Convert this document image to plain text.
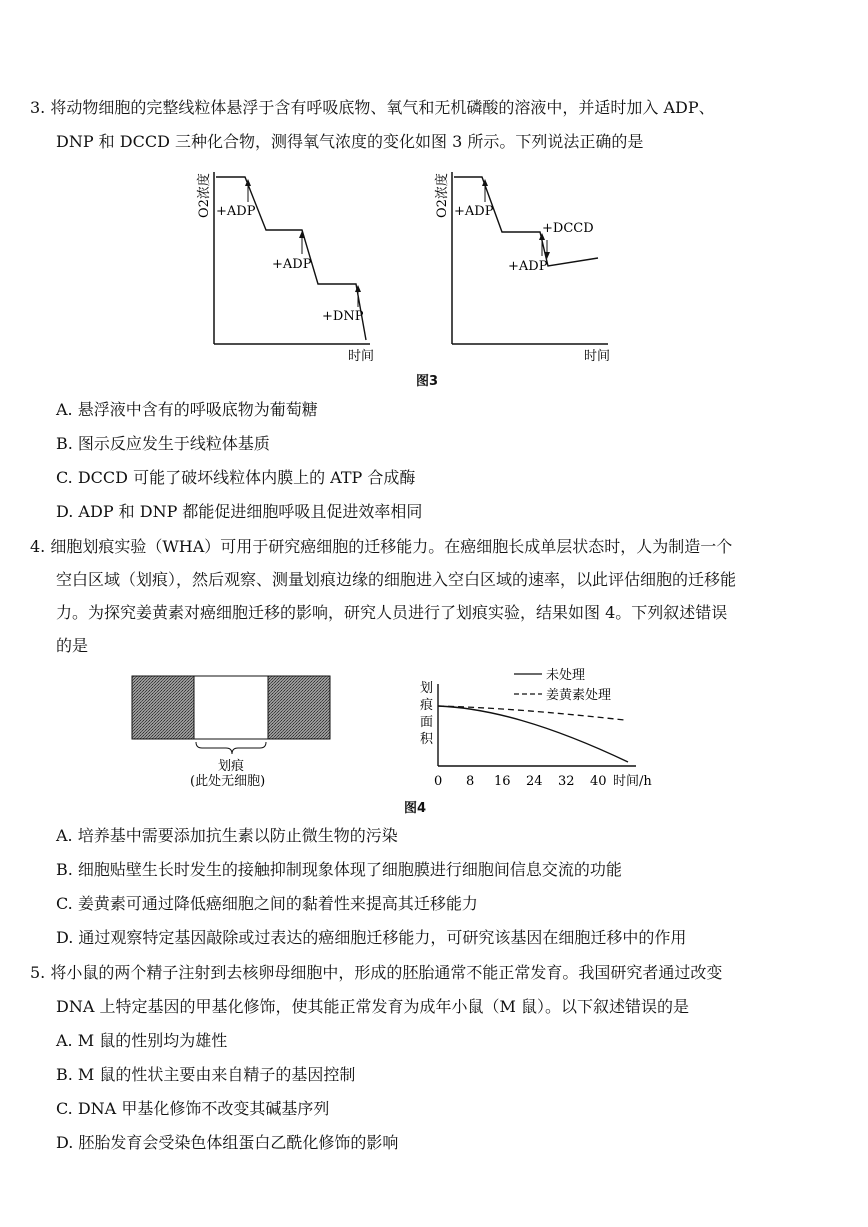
3. 将动物细胞的完整线粒体悬浮于含有呼吸底物、氧气和无机磷酸的溶液中，并适时加入 ADP、
DNP 和 DCCD 三种化合物，测得氧气浓度的变化如图 3 所示。下列说法正确的是
+ADP
+ADP
+DNP
时间
O2浓度	+ADP
+ADP
+DCCD
时间
O2浓度
图3
A. 悬浮液中含有的呼吸底物为葡萄糖
B. 图示反应发生于线粒体基质
C. DCCD 可能了破坏线粒体内膜上的 ATP 合成酶
D. ADP 和 DNP 都能促进细胞呼吸且促进效率相同
4. 细胞划痕实验（WHA）可用于研究癌细胞的迁移能力。在癌细胞长成单层状态时，人为制造一个
空白区域（划痕），然后观察、测量划痕边缘的细胞进入空白区域的速率，以此评估细胞的迁移能
力。为探究姜黄素对癌细胞迁移的影响，研究人员进行了划痕实验，结果如图 4。下列叙述错误
的是
划痕
(此处无细胞)
划 痕 面 积
未处理
姜黄素处理
0 8 16 24 32 40 时间/h
图4
A. 培养基中需要添加抗生素以防止微生物的污染
B. 细胞贴壁生长时发生的接触抑制现象体现了细胞膜进行细胞间信息交流的功能
C. 姜黄素可通过降低癌细胞之间的黏着性来提高其迁移能力
D. 通过观察特定基因敲除或过表达的癌细胞迁移能力，可研究该基因在细胞迁移中的作用
5. 将小鼠的两个精子注射到去核卵母细胞中，形成的胚胎通常不能正常发育。我国研究者通过改变
DNA 上特定基因的甲基化修饰，使其能正常发育为成年小鼠（M 鼠）。以下叙述错误的是
A. M 鼠的性别均为雄性
B. M 鼠的性状主要由来自精子的基因控制
C. DNA 甲基化修饰不改变其碱基序列
D. 胚胎发育会受染色体组蛋白乙酰化修饰的影响
